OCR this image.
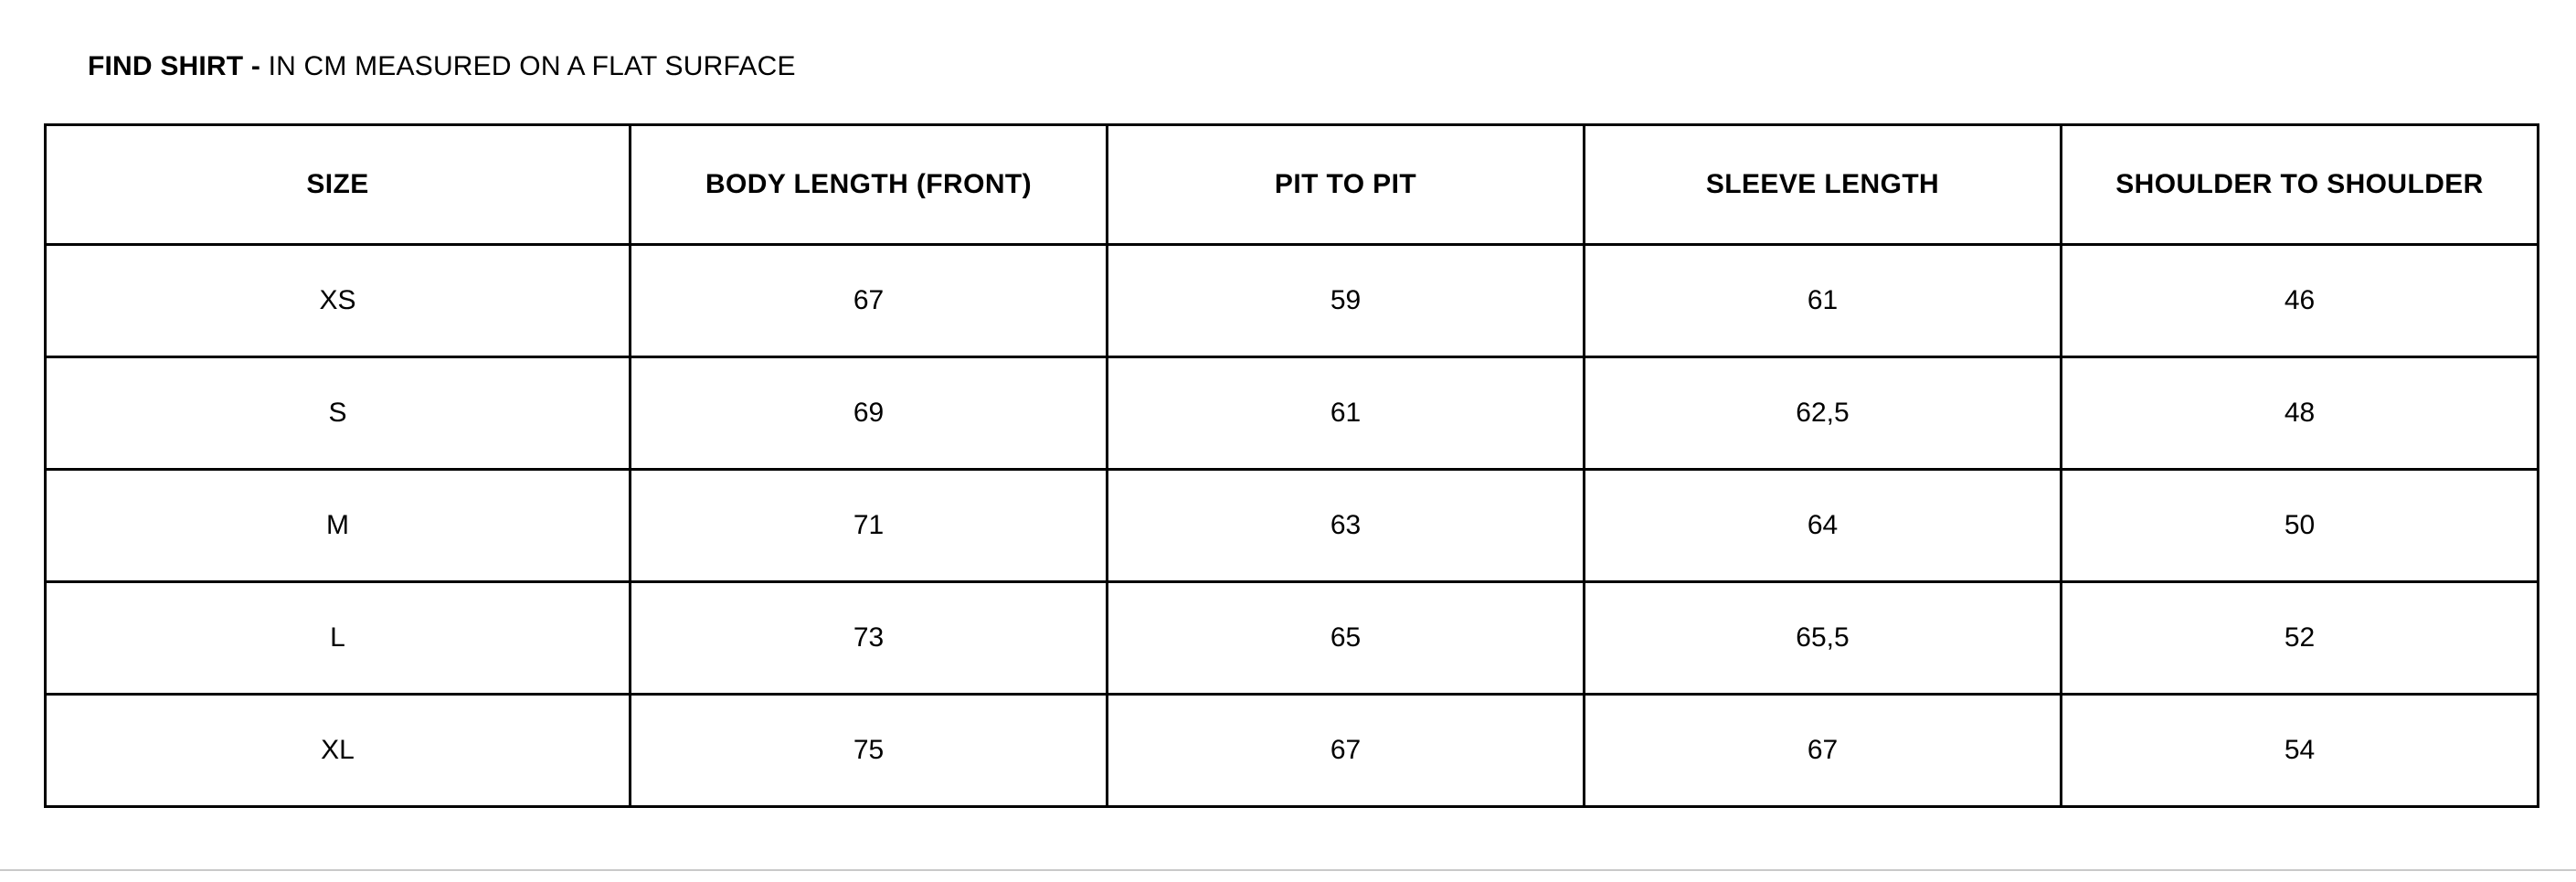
FIND SHIRT - IN CM MEASURED ON A FLAT SURFACE
SIZE	BODY LENGTH (FRONT)	PIT TO PIT	SLEEVE LENGTH	SHOULDER TO SHOULDER
XS	67	59	61	46
S	69	61	62,5	48
M	71	63	64	50
L	73	65	65,5	52
XL	75	67	67	54
